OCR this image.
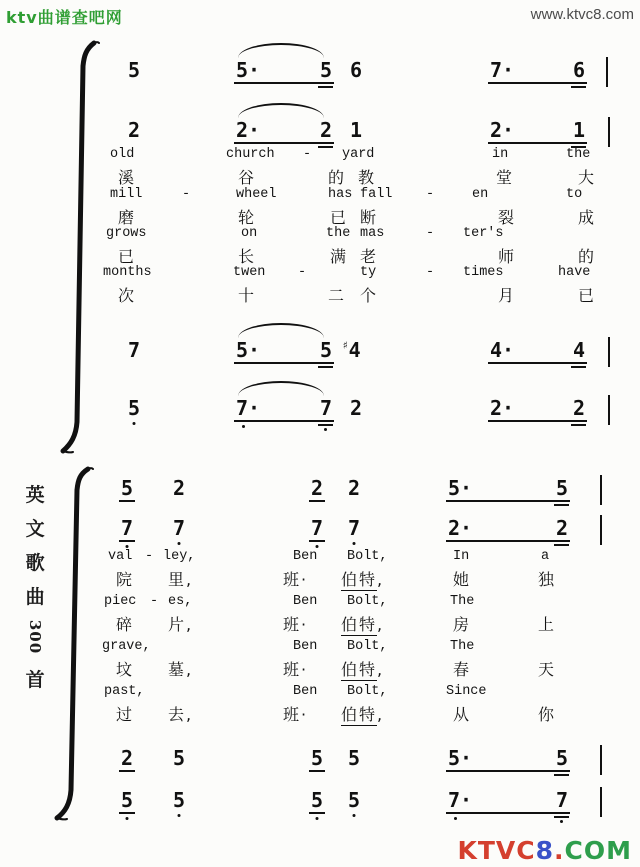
ktv曲谱查吧网	www.ktvc8.com
英
文
歌
曲
300
首
5	5·	5 6	7·	6
2	2·	2 1	2·	1
7	5·	5 ♯4	4·	4
5	7·	7 2	2·	2
old	church - yard	in	the
溪	谷	的 教	堂	大
mill	-	wheel	has fall -	en	to
磨	轮	已 断	裂	成
grows	on	the mas	- ter's
已	长	满 老	师	的
months	twen -	ty	- times	have
次	十	二 个	月	已
5 2	2 2	5·	5
7 7	7 7	2·	2
2 5	5 5	5·	5
5 5	5 5	7·	7
val - ley,	Ben Bolt,	In	a
院 里,	班· 伯特,	她	独
piec - es,	Ben Bolt,	The
碎 片,	班· 伯特,	房	上
grave,	Ben Bolt,	The
坟 墓,	班· 伯特,	春	天
past,	Ben Bolt,	Since
过 去,	班· 伯特,	从	你
KTVC8.COM
